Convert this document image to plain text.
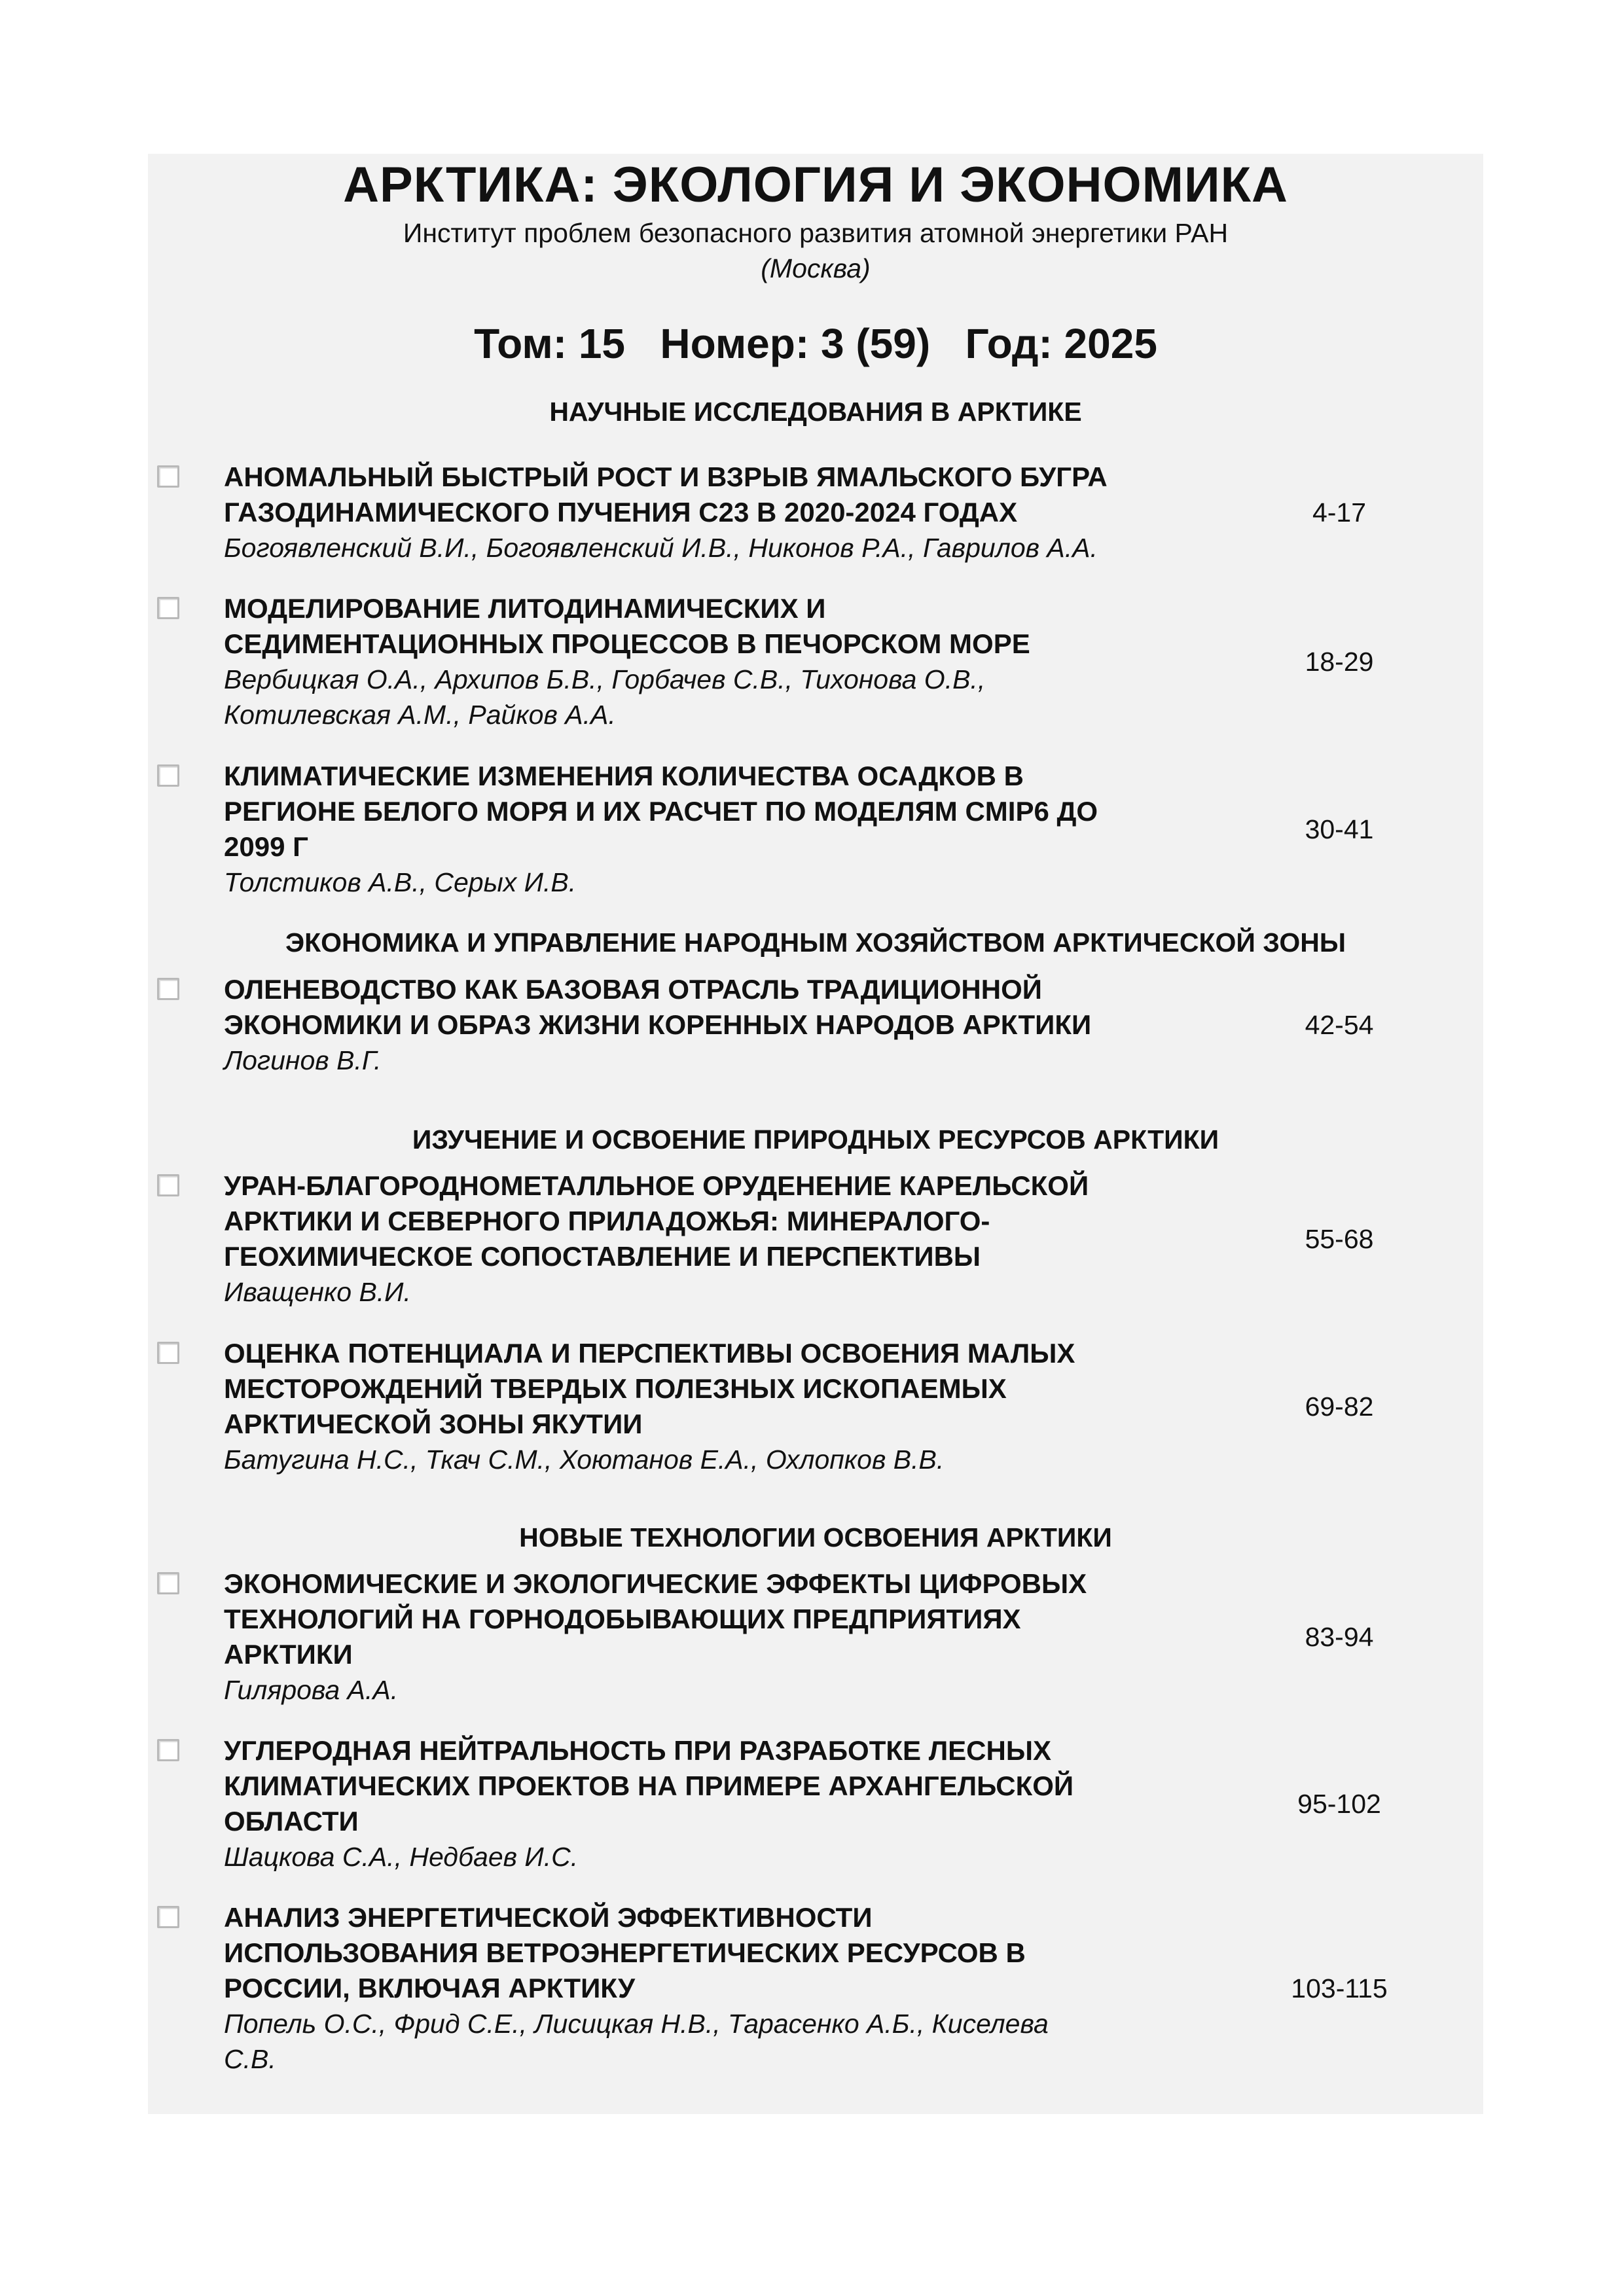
АРКТИКА: ЭКОЛОГИЯ И ЭКОНОМИКА
Институт проблем безопасного развития атомной энергетики РАН
(Москва)
Том: 15   Номер: 3 (59)   Год: 2025
НАУЧНЫЕ ИССЛЕДОВАНИЯ В АРКТИКЕ

АНОМАЛЬНЫЙ БЫСТРЫЙ РОСТ И ВЗРЫВ ЯМАЛЬСКОГО БУГРА
ГАЗОДИНАМИЧЕСКОГО ПУЧЕНИЯ С23 В 2020-2024 ГОДАХ

Богоявленский В.И., Богоявленский И.В., Никонов Р.А., Гаврилов А.А.

4-17

МОДЕЛИРОВАНИЕ ЛИТОДИНАМИЧЕСКИХ И
СЕДИМЕНТАЦИОННЫХ ПРОЦЕССОВ В ПЕЧОРСКОМ МОРЕ

Вербицкая О.А., Архипов Б.В., Горбачев С.В., Тихонова О.В.,
Котилевская А.М., Райков А.А.

18-29

КЛИМАТИЧЕСКИЕ ИЗМЕНЕНИЯ КОЛИЧЕСТВА ОСАДКОВ В
РЕГИОНЕ БЕЛОГО МОРЯ И ИХ РАСЧЕТ ПО МОДЕЛЯМ CMIP6 ДО
2099 Г

Толстиков А.В., Серых И.В.

30-41
ЭКОНОМИКА И УПРАВЛЕНИЕ НАРОДНЫМ ХОЗЯЙСТВОМ АРКТИЧЕСКОЙ ЗОНЫ

ОЛЕНЕВОДСТВО КАК БАЗОВАЯ ОТРАСЛЬ ТРАДИЦИОННОЙ
ЭКОНОМИКИ И ОБРАЗ ЖИЗНИ КОРЕННЫХ НАРОДОВ АРКТИКИ

Логинов В.Г.

42-54
ИЗУЧЕНИЕ И ОСВОЕНИЕ ПРИРОДНЫХ РЕСУРСОВ АРКТИКИ

УРАН-БЛАГОРОДНОМЕТАЛЛЬНОЕ ОРУДЕНЕНИЕ КАРЕЛЬСКОЙ
АРКТИКИ И СЕВЕРНОГО ПРИЛАДОЖЬЯ: МИНЕРАЛОГО-
ГЕОХИМИЧЕСКОЕ СОПОСТАВЛЕНИЕ И ПЕРСПЕКТИВЫ

Иващенко В.И.

55-68

ОЦЕНКА ПОТЕНЦИАЛА И ПЕРСПЕКТИВЫ ОСВОЕНИЯ МАЛЫХ
МЕСТОРОЖДЕНИЙ ТВЕРДЫХ ПОЛЕЗНЫХ ИСКОПАЕМЫХ
АРКТИЧЕСКОЙ ЗОНЫ ЯКУТИИ

Батугина Н.С., Ткач С.М., Хоютанов Е.А., Охлопков В.В.

69-82
НОВЫЕ ТЕХНОЛОГИИ ОСВОЕНИЯ АРКТИКИ

ЭКОНОМИЧЕСКИЕ И ЭКОЛОГИЧЕСКИЕ ЭФФЕКТЫ ЦИФРОВЫХ
ТЕХНОЛОГИЙ НА ГОРНОДОБЫВАЮЩИХ ПРЕДПРИЯТИЯХ
АРКТИКИ

Гилярова А.А.

83-94

УГЛЕРОДНАЯ НЕЙТРАЛЬНОСТЬ ПРИ РАЗРАБОТКЕ ЛЕСНЫХ
КЛИМАТИЧЕСКИХ ПРОЕКТОВ НА ПРИМЕРЕ АРХАНГЕЛЬСКОЙ
ОБЛАСТИ

Шацкова С.А., Недбаев И.С.

95-102

АНАЛИЗ ЭНЕРГЕТИЧЕСКОЙ ЭФФЕКТИВНОСТИ
ИСПОЛЬЗОВАНИЯ ВЕТРОЭНЕРГЕТИЧЕСКИХ РЕСУРСОВ В
РОССИИ, ВКЛЮЧАЯ АРКТИКУ

Попель О.С., Фрид С.Е., Лисицкая Н.В., Тарасенко А.Б., Киселева
С.В.

103-115
